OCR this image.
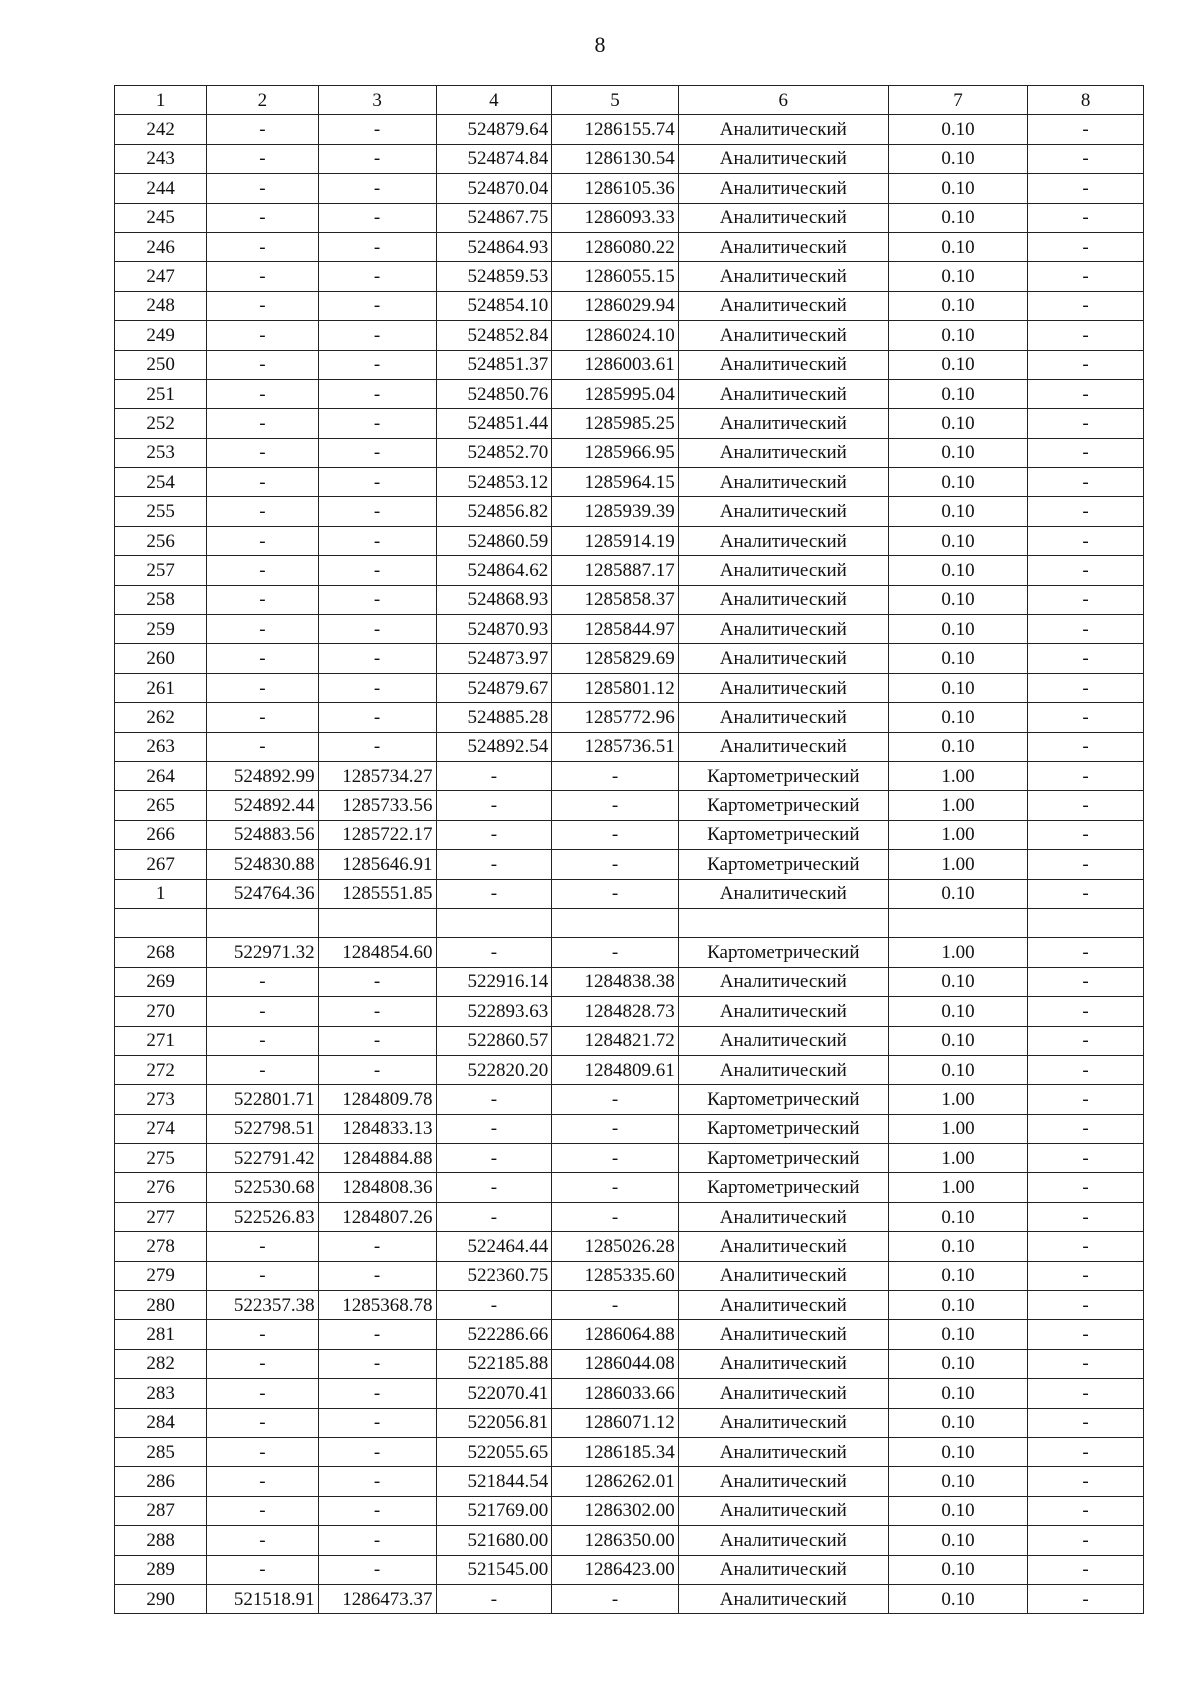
8
1	2	3	4	5	6	7	8
242	-	-	524879.64	1286155.74	Аналитический	0.10	-
243	-	-	524874.84	1286130.54	Аналитический	0.10	-
244	-	-	524870.04	1286105.36	Аналитический	0.10	-
245	-	-	524867.75	1286093.33	Аналитический	0.10	-
246	-	-	524864.93	1286080.22	Аналитический	0.10	-
247	-	-	524859.53	1286055.15	Аналитический	0.10	-
248	-	-	524854.10	1286029.94	Аналитический	0.10	-
249	-	-	524852.84	1286024.10	Аналитический	0.10	-
250	-	-	524851.37	1286003.61	Аналитический	0.10	-
251	-	-	524850.76	1285995.04	Аналитический	0.10	-
252	-	-	524851.44	1285985.25	Аналитический	0.10	-
253	-	-	524852.70	1285966.95	Аналитический	0.10	-
254	-	-	524853.12	1285964.15	Аналитический	0.10	-
255	-	-	524856.82	1285939.39	Аналитический	0.10	-
256	-	-	524860.59	1285914.19	Аналитический	0.10	-
257	-	-	524864.62	1285887.17	Аналитический	0.10	-
258	-	-	524868.93	1285858.37	Аналитический	0.10	-
259	-	-	524870.93	1285844.97	Аналитический	0.10	-
260	-	-	524873.97	1285829.69	Аналитический	0.10	-
261	-	-	524879.67	1285801.12	Аналитический	0.10	-
262	-	-	524885.28	1285772.96	Аналитический	0.10	-
263	-	-	524892.54	1285736.51	Аналитический	0.10	-
264	524892.99	1285734.27	-	-	Картометрический	1.00	-
265	524892.44	1285733.56	-	-	Картометрический	1.00	-
266	524883.56	1285722.17	-	-	Картометрический	1.00	-
267	524830.88	1285646.91	-	-	Картометрический	1.00	-
1	524764.36	1285551.85	-	-	Аналитический	0.10	-

268	522971.32	1284854.60	-	-	Картометрический	1.00	-
269	-	-	522916.14	1284838.38	Аналитический	0.10	-
270	-	-	522893.63	1284828.73	Аналитический	0.10	-
271	-	-	522860.57	1284821.72	Аналитический	0.10	-
272	-	-	522820.20	1284809.61	Аналитический	0.10	-
273	522801.71	1284809.78	-	-	Картометрический	1.00	-
274	522798.51	1284833.13	-	-	Картометрический	1.00	-
275	522791.42	1284884.88	-	-	Картометрический	1.00	-
276	522530.68	1284808.36	-	-	Картометрический	1.00	-
277	522526.83	1284807.26	-	-	Аналитический	0.10	-
278	-	-	522464.44	1285026.28	Аналитический	0.10	-
279	-	-	522360.75	1285335.60	Аналитический	0.10	-
280	522357.38	1285368.78	-	-	Аналитический	0.10	-
281	-	-	522286.66	1286064.88	Аналитический	0.10	-
282	-	-	522185.88	1286044.08	Аналитический	0.10	-
283	-	-	522070.41	1286033.66	Аналитический	0.10	-
284	-	-	522056.81	1286071.12	Аналитический	0.10	-
285	-	-	522055.65	1286185.34	Аналитический	0.10	-
286	-	-	521844.54	1286262.01	Аналитический	0.10	-
287	-	-	521769.00	1286302.00	Аналитический	0.10	-
288	-	-	521680.00	1286350.00	Аналитический	0.10	-
289	-	-	521545.00	1286423.00	Аналитический	0.10	-
290	521518.91	1286473.37	-	-	Аналитический	0.10	-
